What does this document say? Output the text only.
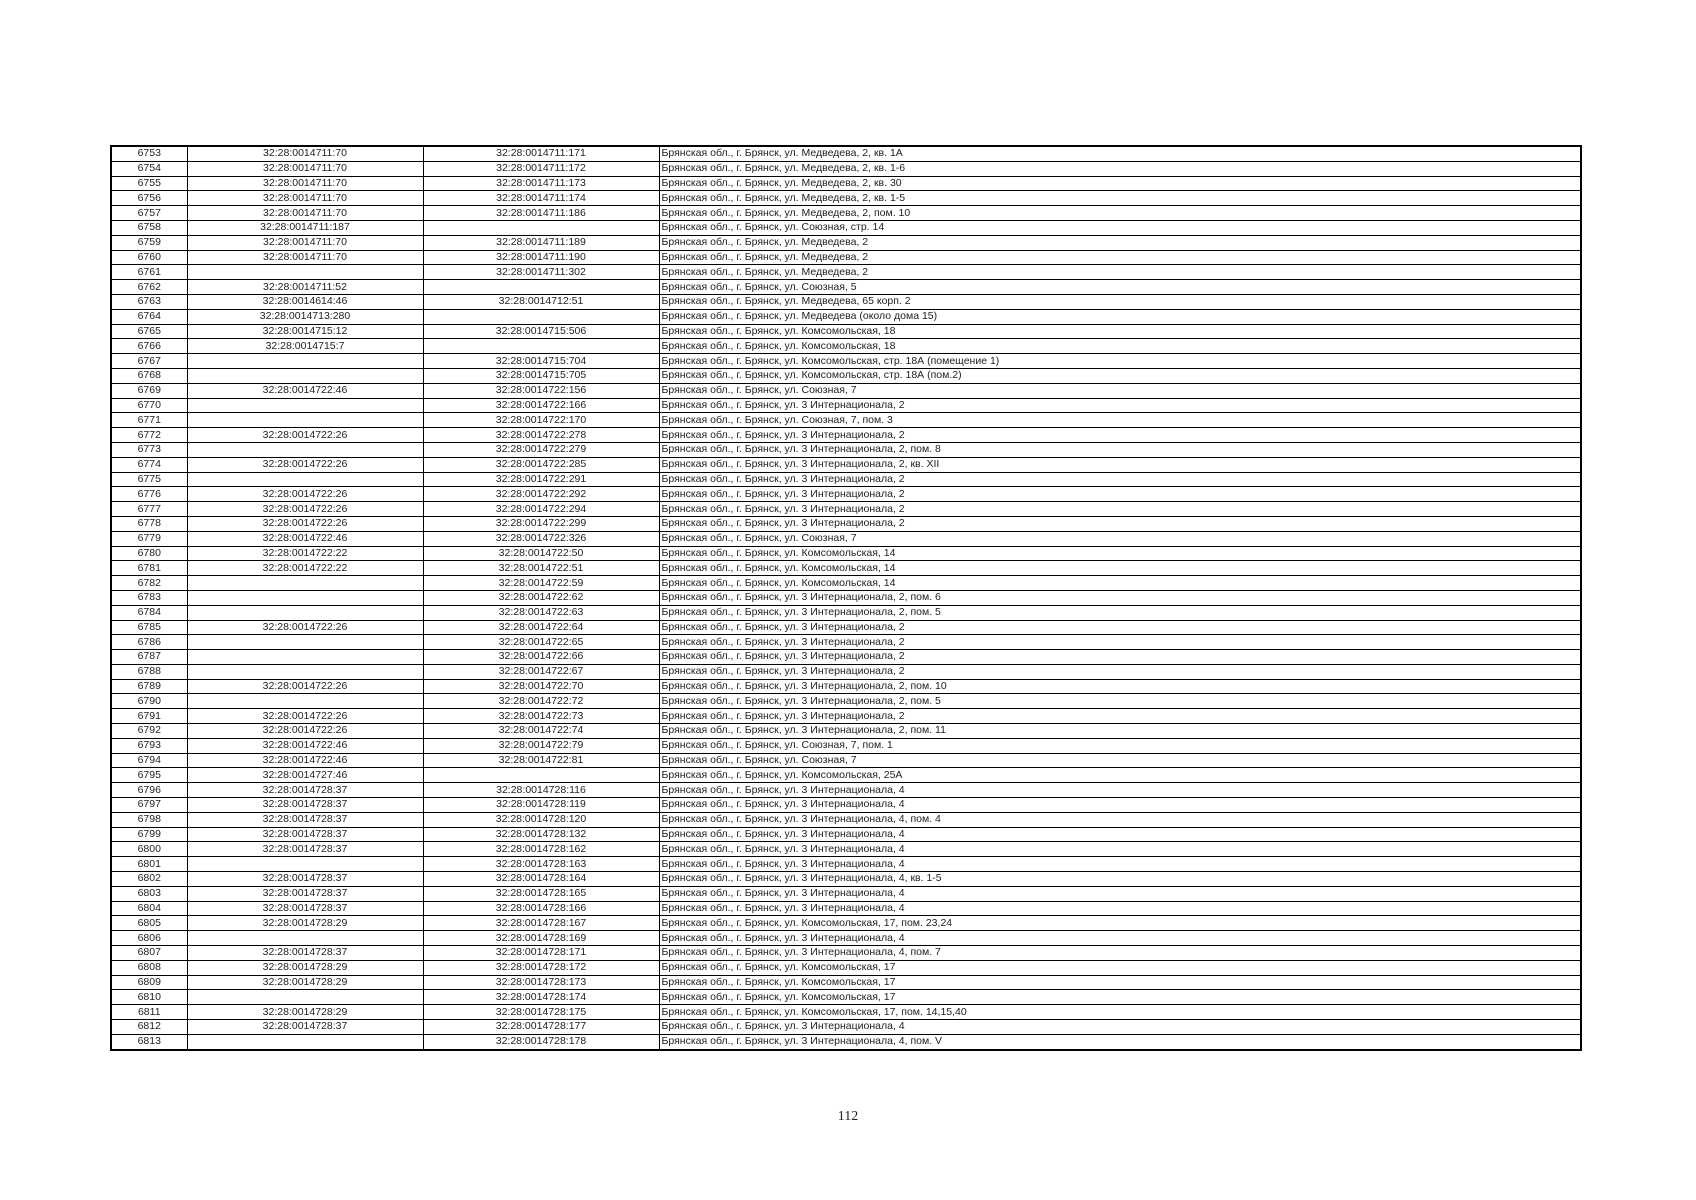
6753	32:28:0014711:70	32:28:0014711:171	Брянская обл., г. Брянск, ул. Медведева, 2, кв. 1А
6754	32:28:0014711:70	32:28:0014711:172	Брянская обл., г. Брянск, ул. Медведева, 2, кв. 1-6
6755	32:28:0014711:70	32:28:0014711:173	Брянская обл., г. Брянск, ул. Медведева, 2, кв. 30
6756	32:28:0014711:70	32:28:0014711:174	Брянская обл., г. Брянск, ул. Медведева, 2, кв. 1-5
6757	32:28:0014711:70	32:28:0014711:186	Брянская обл., г. Брянск, ул. Медведева, 2, пом. 10
6758	32:28:0014711:187		Брянская обл., г. Брянск, ул. Союзная, стр. 14
6759	32:28:0014711:70	32:28:0014711:189	Брянская обл., г. Брянск, ул. Медведева, 2
6760	32:28:0014711:70	32:28:0014711:190	Брянская обл., г. Брянск, ул. Медведева, 2
6761		32:28:0014711:302	Брянская обл., г. Брянск, ул. Медведева, 2
6762	32:28:0014711:52		Брянская обл., г. Брянск, ул. Союзная, 5
6763	32:28:0014614:46	32:28:0014712:51	Брянская обл., г. Брянск, ул. Медведева, 65 корп. 2
6764	32:28:0014713:280		Брянская обл., г. Брянск, ул. Медведева (около дома 15)
6765	32:28:0014715:12	32:28:0014715:506	Брянская обл., г. Брянск, ул. Комсомольская, 18
6766	32:28:0014715:7		Брянская обл., г. Брянск, ул. Комсомольская, 18
6767		32:28:0014715:704	Брянская обл., г. Брянск, ул. Комсомольская, стр. 18А (помещение 1)
6768		32:28:0014715:705	Брянская обл., г. Брянск, ул. Комсомольская, стр. 18А (пом.2)
6769	32:28:0014722:46	32:28:0014722:156	Брянская обл., г. Брянск, ул. Союзная, 7
6770		32:28:0014722:166	Брянская обл., г. Брянск, ул. 3 Интернационала, 2
6771		32:28:0014722:170	Брянская обл., г. Брянск, ул. Союзная, 7, пом. 3
6772	32:28:0014722:26	32:28:0014722:278	Брянская обл., г. Брянск, ул. 3 Интернационала, 2
6773		32:28:0014722:279	Брянская обл., г. Брянск, ул. 3 Интернационала, 2, пом. 8
6774	32:28:0014722:26	32:28:0014722:285	Брянская обл., г. Брянск, ул. 3 Интернационала, 2, кв. XII
6775		32:28:0014722:291	Брянская обл., г. Брянск, ул. 3 Интернационала, 2
6776	32:28:0014722:26	32:28:0014722:292	Брянская обл., г. Брянск, ул. 3 Интернационала, 2
6777	32:28:0014722:26	32:28:0014722:294	Брянская обл., г. Брянск, ул. 3 Интернационала, 2
6778	32:28:0014722:26	32:28:0014722:299	Брянская обл., г. Брянск, ул. 3 Интернационала, 2
6779	32:28:0014722:46	32:28:0014722:326	Брянская обл., г. Брянск, ул. Союзная, 7
6780	32:28:0014722:22	32:28:0014722:50	Брянская обл., г. Брянск, ул. Комсомольская, 14
6781	32:28:0014722:22	32:28:0014722:51	Брянская обл., г. Брянск, ул. Комсомольская, 14
6782		32:28:0014722:59	Брянская обл., г. Брянск, ул. Комсомольская, 14
6783		32:28:0014722:62	Брянская обл., г. Брянск, ул. 3 Интернационала, 2, пом. 6
6784		32:28:0014722:63	Брянская обл., г. Брянск, ул. 3 Интернационала, 2, пом. 5
6785	32:28:0014722:26	32:28:0014722:64	Брянская обл., г. Брянск, ул. 3 Интернационала, 2
6786		32:28:0014722:65	Брянская обл., г. Брянск, ул. 3 Интернационала, 2
6787		32:28:0014722:66	Брянская обл., г. Брянск, ул. 3 Интернационала, 2
6788		32:28:0014722:67	Брянская обл., г. Брянск, ул. 3 Интернационала, 2
6789	32:28:0014722:26	32:28:0014722:70	Брянская обл., г. Брянск, ул. 3 Интернационала, 2, пом. 10
6790		32:28:0014722:72	Брянская обл., г. Брянск, ул. 3 Интернационала, 2, пом. 5
6791	32:28:0014722:26	32:28:0014722:73	Брянская обл., г. Брянск, ул. 3 Интернационала, 2
6792	32:28:0014722:26	32:28:0014722:74	Брянская обл., г. Брянск, ул. 3 Интернационала, 2, пом. 11
6793	32:28:0014722:46	32:28:0014722:79	Брянская обл., г. Брянск, ул. Союзная, 7, пом. 1
6794	32:28:0014722:46	32:28:0014722:81	Брянская обл., г. Брянск, ул. Союзная, 7
6795	32:28:0014727:46		Брянская обл., г. Брянск, ул. Комсомольская, 25А
6796	32:28:0014728:37	32:28:0014728:116	Брянская обл., г. Брянск, ул. 3 Интернационала, 4
6797	32:28:0014728:37	32:28:0014728:119	Брянская обл., г. Брянск, ул. 3 Интернационала, 4
6798	32:28:0014728:37	32:28:0014728:120	Брянская обл., г. Брянск, ул. 3 Интернационала, 4, пом. 4
6799	32:28:0014728:37	32:28:0014728:132	Брянская обл., г. Брянск, ул. 3 Интернационала, 4
6800	32:28:0014728:37	32:28:0014728:162	Брянская обл., г. Брянск, ул. 3 Интернационала, 4
6801		32:28:0014728:163	Брянская обл., г. Брянск, ул. 3 Интернационала, 4
6802	32:28:0014728:37	32:28:0014728:164	Брянская обл., г. Брянск, ул. 3 Интернационала, 4, кв. 1-5
6803	32:28:0014728:37	32:28:0014728:165	Брянская обл., г. Брянск, ул. 3 Интернационала, 4
6804	32:28:0014728:37	32:28:0014728:166	Брянская обл., г. Брянск, ул. 3 Интернационала, 4
6805	32:28:0014728:29	32:28:0014728:167	Брянская обл., г. Брянск, ул. Комсомольская, 17, пом. 23,24
6806		32:28:0014728:169	Брянская обл., г. Брянск, ул. 3 Интернационала, 4
6807	32:28:0014728:37	32:28:0014728:171	Брянская обл., г. Брянск, ул. 3 Интернационала, 4, пом. 7
6808	32:28:0014728:29	32:28:0014728:172	Брянская обл., г. Брянск, ул. Комсомольская, 17
6809	32:28:0014728:29	32:28:0014728:173	Брянская обл., г. Брянск, ул. Комсомольская, 17
6810		32:28:0014728:174	Брянская обл., г. Брянск, ул. Комсомольская, 17
6811	32:28:0014728:29	32:28:0014728:175	Брянская обл., г. Брянск, ул. Комсомольская, 17, пом. 14,15,40
6812	32:28:0014728:37	32:28:0014728:177	Брянская обл., г. Брянск, ул. 3 Интернационала, 4
6813		32:28:0014728:178	Брянская обл., г. Брянск, ул. 3 Интернационала, 4, пом. V
112
